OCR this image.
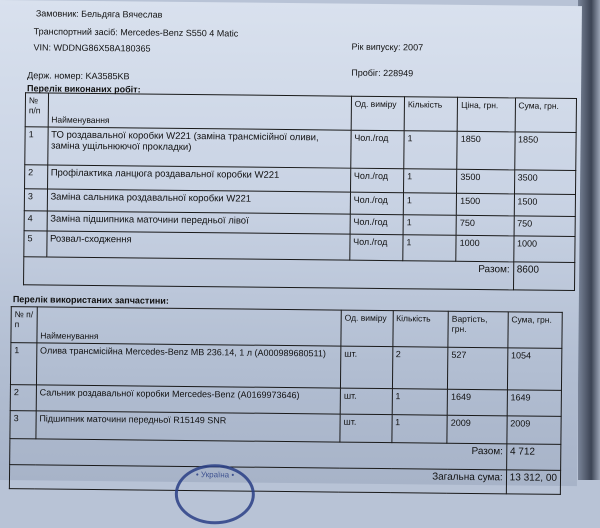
Замовник: Бельдяга Вячеслав
Транспортний засіб: Mercedes-Benz S550 4 Matic
VIN: WDDNG86X58A180365	Рік випуску: 2007
Держ. номер: KA3585KB	Пробіг: 228949
Перелік виконаних робіт:
№ п/п	Найменування	Од. виміру	Кількість	Ціна, грн.	Сума, грн.
1	ТО роздавальної коробки W221 (заміна трансмісійної оливи, заміна ущільнюючої прокладки)	Чол./год	1	1850	1850
2	Профілактика ланцюга роздавальної коробки W221	Чол./год	1	3500	3500
3	Заміна сальника роздавальної коробки W221	Чол./год	1	1500	1500
4	Заміна підшипника маточини передньої лівої	Чол./год	1	750	750
5	Розвал-сходження	Чол./год	1	1000	1000
				Разом:	8600
Перелік використаних запчастини:
№ п/п	Найменування	Од. виміру	Кількість	Вартість, грн.	Сума, грн.
1	Олива трансмісійна Mercedes-Benz MB 236.14, 1 л (A000989680511)	шт.	2	527	1054
2	Сальник роздавальної коробки Mercedes-Benz (A0169973646)	шт.	1	1649	1649
3	Підшипник маточини передньої R15149 SNR	шт.	1	2009	2009
				Разом:	4 712
			Загальна сума:		13 312, 00
• Україна •
